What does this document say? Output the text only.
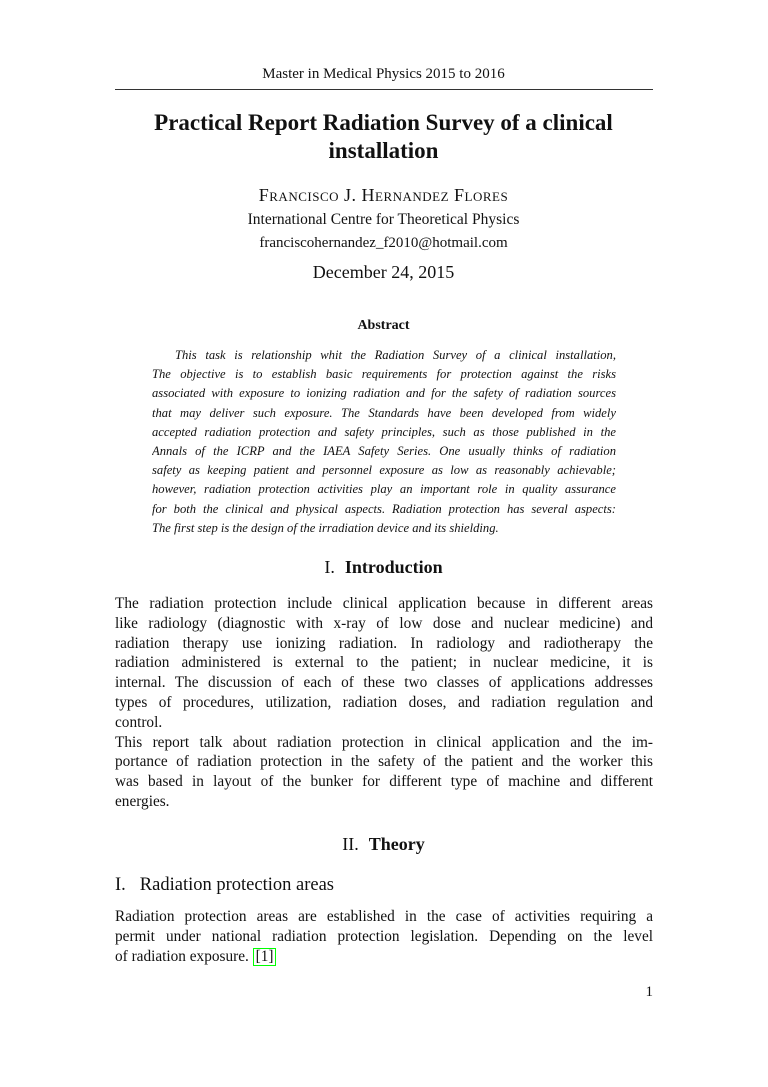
Master in Medical Physics 2015 to 2016
Practical Report Radiation Survey of a clinical
installation
Francisco J. Hernandez Flores
International Centre for Theoretical Physics
franciscohernandez_f2010@hotmail.com
December 24, 2015
Abstract
This task is relationship whit the Radiation Survey of a clinical installation,
The objective is to establish basic requirements for protection against the risks
associated with exposure to ionizing radiation and for the safety of radiation sources
that may deliver such exposure. The Standards have been developed from widely
accepted radiation protection and safety principles, such as those published in the
Annals of the ICRP and the IAEA Safety Series. One usually thinks of radiation
safety as keeping patient and personnel exposure as low as reasonably achievable;
however, radiation protection activities play an important role in quality assurance
for both the clinical and physical aspects. Radiation protection has several aspects:
The first step is the design of the irradiation device and its shielding.
I. Introduction
The radiation protection include clinical application because in different areas
like radiology (diagnostic with x-ray of low dose and nuclear medicine) and
radiation therapy use ionizing radiation. In radiology and radiotherapy the
radiation administered is external to the patient; in nuclear medicine, it is
internal. The discussion of each of these two classes of applications addresses
types of procedures, utilization, radiation doses, and radiation regulation and
control.
This report talk about radiation protection in clinical application and the im-
portance of radiation protection in the safety of the patient and the worker this
was based in layout of the bunker for different type of machine and different
energies.
II. Theory
I. Radiation protection areas
Radiation protection areas are established in the case of activities requiring a
permit under national radiation protection legislation. Depending on the level
of radiation exposure. [1]
1
